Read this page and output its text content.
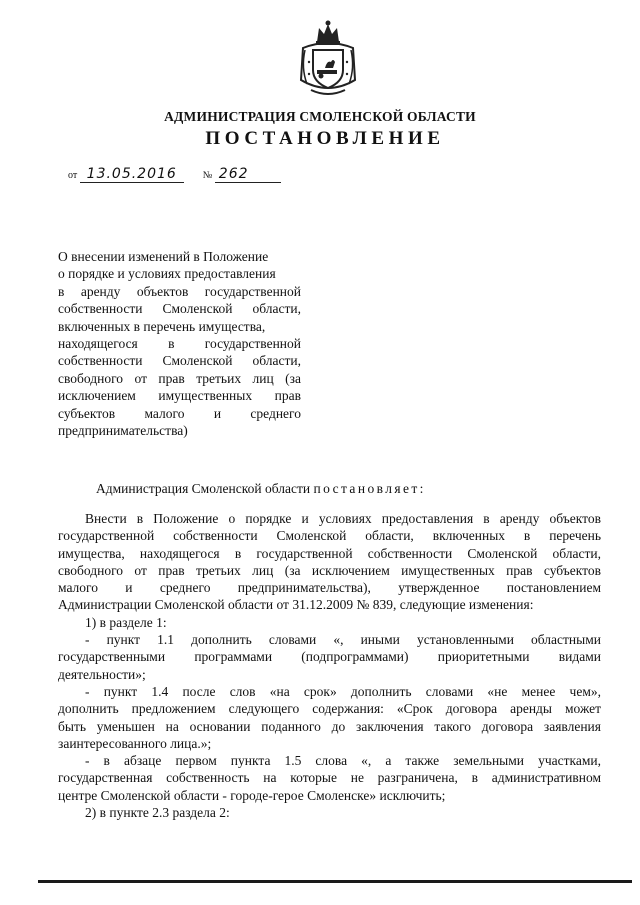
АДМИНИСТРАЦИЯ СМОЛЕНСКОЙ ОБЛАСТИ
ПОСТАНОВЛЕНИЕ
от 13.05.2016	№ 262
О внесении изменений в Положение
о порядке и условиях предоставления
в аренду объектов государственной
собственности Смоленской области,
включенных в перечень имущества,
находящегося в государственной
собственности Смоленской области,
свободного от прав третьих лиц (за
исключением имущественных прав
субъектов малого и среднего
предпринимательства)
Администрация Смоленской области постановляет:
Внести в Положение о порядке и условиях предоставления в аренду объектов
государственной собственности Смоленской области, включенных в перечень
имущества, находящегося в государственной собственности Смоленской области,
свободного от прав третьих лиц (за исключением имущественных прав субъектов
малого и среднего предпринимательства), утвержденное постановлением
Администрации Смоленской области от 31.12.2009 № 839, следующие изменения:
1) в разделе 1:
- пункт 1.1 дополнить словами «, иными установленными областными
государственными программами (подпрограммами) приоритетными видами
деятельности»;
- пункт 1.4 после слов «на срок» дополнить словами «не менее чем»,
дополнить предложением следующего содержания: «Срок договора аренды может
быть уменьшен на основании поданного до заключения такого договора заявления
заинтересованного лица.»;
- в абзаце первом пункта 1.5 слова «, а также земельными участками,
государственная собственность на которые не разграничена, в административном
центре Смоленской области - городе-герое Смоленске» исключить;
2) в пункте 2.3 раздела 2:
